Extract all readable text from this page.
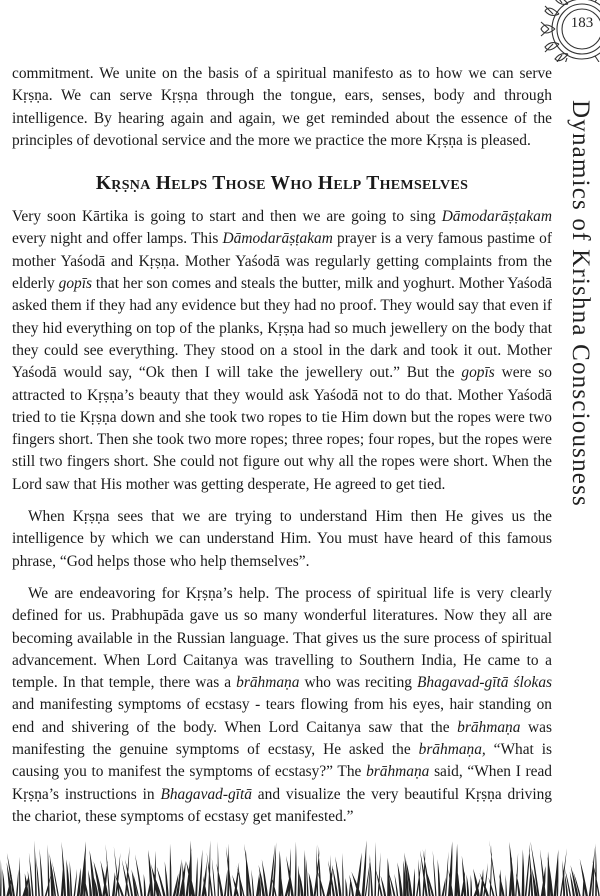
183
Dynamics of Krishna Consciousness

commitment. We unite on the basis of a spiritual manifesto as to how we can serve Kṛṣṇa. We can serve Kṛṣṇa through the tongue, ears, senses, body and through intelligence. By hearing again and again, we get reminded about the essence of the principles of devotional service and the more we practice the more Kṛṣṇa is pleased.

Kṛṣṇa Helps Those Who Help Themselves

Very soon Kārtika is going to start and then we are going to sing Dāmodarāṣṭakam every night and offer lamps. This Dāmodarāṣṭakam prayer is a very famous pastime of mother Yaśodā and Kṛṣṇa. Mother Yaśodā was regularly getting complaints from the elderly gopīs that her son comes and steals the butter, milk and yoghurt. Mother Yaśodā asked them if they had any evidence but they had no proof. They would say that even if they hid everything on top of the planks, Kṛṣṇa had so much jewellery on the body that they could see everything. They stood on a stool in the dark and took it out. Mother Yaśodā would say, “Ok then I will take the jewellery out.” But the gopīs were so attracted to Kṛṣṇa’s beauty that they would ask Yaśodā not to do that. Mother Yaśodā tried to tie Kṛṣṇa down and she took two ropes to tie Him down but the ropes were two fingers short. Then she took two more ropes; three ropes; four ropes, but the ropes were still two fingers short. She could not figure out why all the ropes were short. When the Lord saw that His mother was getting desperate, He agreed to get tied.

When Kṛṣṇa sees that we are trying to understand Him then He gives us the intelligence by which we can understand Him. You must have heard of this famous phrase, “God helps those who help themselves”.

We are endeavoring for Kṛṣṇa’s help. The process of spiritual life is very clearly defined for us. Prabhupāda gave us so many wonderful literatures. Now they all are becoming available in the Russian language. That gives us the sure process of spiritual advancement. When Lord Caitanya was travelling to Southern India, He came to a temple. In that temple, there was a brāhmaṇa who was reciting Bhagavad-gītā ślokas and manifesting symptoms of ecstasy - tears flowing from his eyes, hair standing on end and shivering of the body. When Lord Caitanya saw that the brāhmaṇa was manifesting the genuine symptoms of ecstasy, He asked the brāhmaṇa, “What is causing you to manifest the symptoms of ecstasy?” The brāhmaṇa said, “When I read Kṛṣṇa’s instructions in Bhagavad-gītā and visualize the very beautiful Kṛṣṇa driving the chariot, these symptoms of ecstasy get manifested.”
